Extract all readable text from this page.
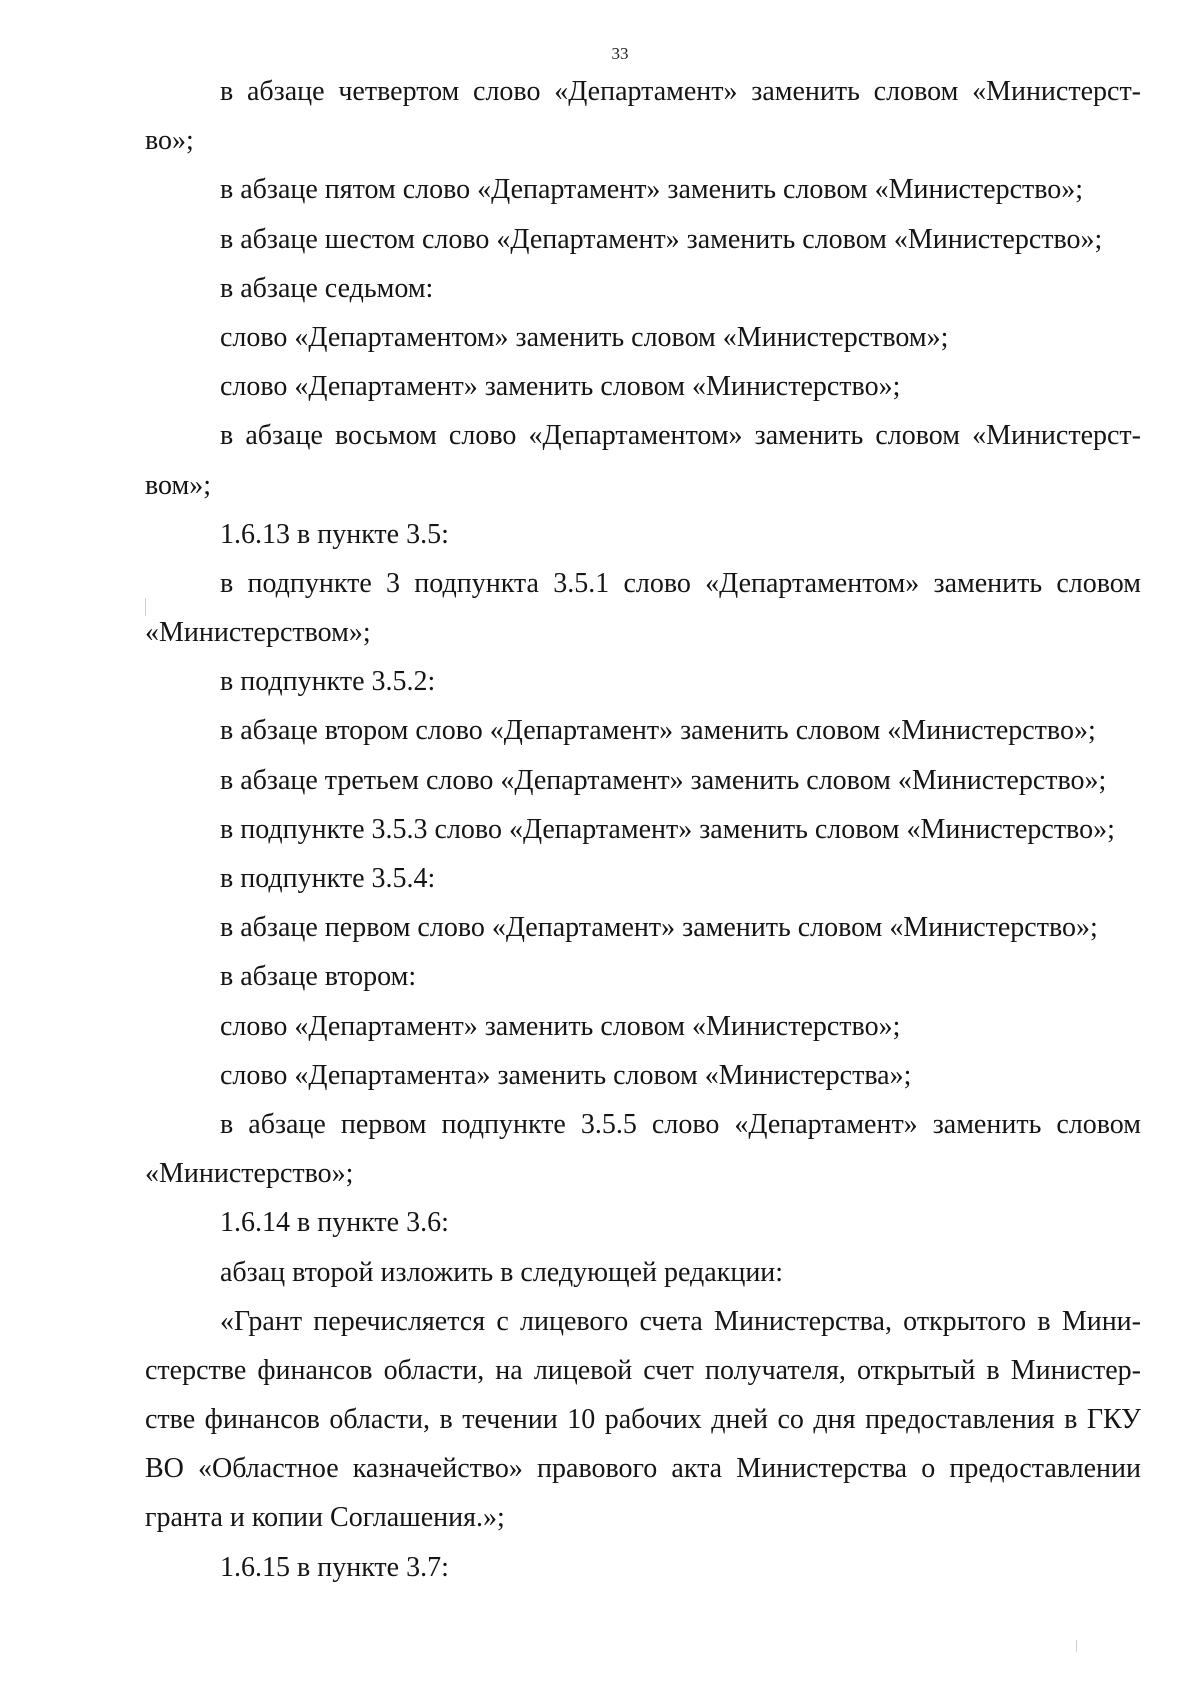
33
в абзаце четвертом слово «Департамент» заменить словом «Министерст-
во»;
в абзаце пятом слово «Департамент» заменить словом «Министерство»;
в абзаце шестом слово «Департамент» заменить словом «Министерство»;
в абзаце седьмом:
слово «Департаментом» заменить словом «Министерством»;
слово «Департамент» заменить словом «Министерство»;
в абзаце восьмом слово «Департаментом» заменить словом «Министерст-
вом»;
1.6.13 в пункте 3.5:
в подпункте 3 подпункта 3.5.1 слово «Департаментом» заменить словом
«Министерством»;
в подпункте 3.5.2:
в абзаце втором слово «Департамент» заменить словом «Министерство»;
в абзаце третьем слово «Департамент» заменить словом «Министерство»;
в подпункте 3.5.3 слово «Департамент» заменить словом «Министерство»;
в подпункте 3.5.4:
в абзаце первом слово «Департамент» заменить словом «Министерство»;
в абзаце втором:
слово «Департамент» заменить словом «Министерство»;
слово «Департамента» заменить словом «Министерства»;
в абзаце первом подпункте 3.5.5 слово «Департамент» заменить словом
«Министерство»;
1.6.14 в пункте 3.6:
абзац второй изложить в следующей редакции:
«Грант перечисляется с лицевого счета Министерства, открытого в Мини-
стерстве финансов области, на лицевой счет получателя, открытый в Министер-
стве финансов области, в течении 10 рабочих дней со дня предоставления в ГКУ
ВО «Областное казначейство» правового акта Министерства о предоставлении
гранта и копии Соглашения.»;
1.6.15 в пункте 3.7:
